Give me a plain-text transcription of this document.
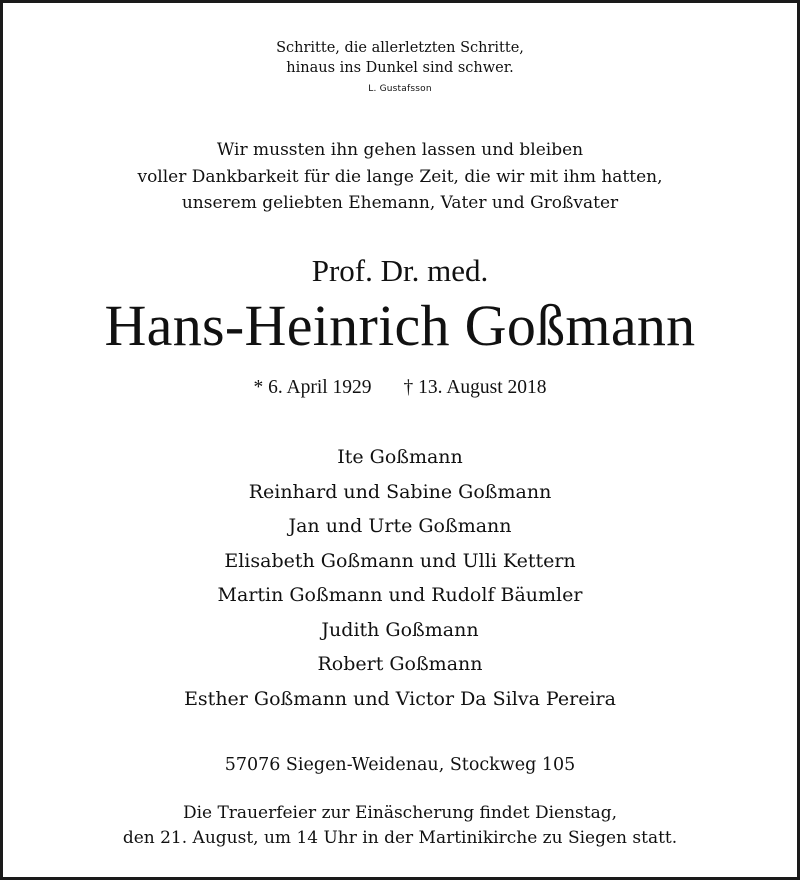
Schritte, die allerletzten Schritte,
hinaus ins Dunkel sind schwer.
L. Gustafsson
Wir mussten ihn gehen lassen und bleiben
voller Dankbarkeit für die lange Zeit, die wir mit ihm hatten,
unserem geliebten Ehemann, Vater und Großvater
Prof. Dr. med.
Hans-Heinrich Goßmann
* 6. April 1929 † 13. August 2018
Ite Goßmann
Reinhard und Sabine Goßmann
Jan und Urte Goßmann
Elisabeth Goßmann und Ulli Kettern
Martin Goßmann und Rudolf Bäumler
Judith Goßmann
Robert Goßmann
Esther Goßmann und Victor Da Silva Pereira
57076 Siegen-Weidenau, Stockweg 105
Die Trauerfeier zur Einäscherung findet Dienstag,
den 21. August, um 14 Uhr in der Martinikirche zu Siegen statt.
